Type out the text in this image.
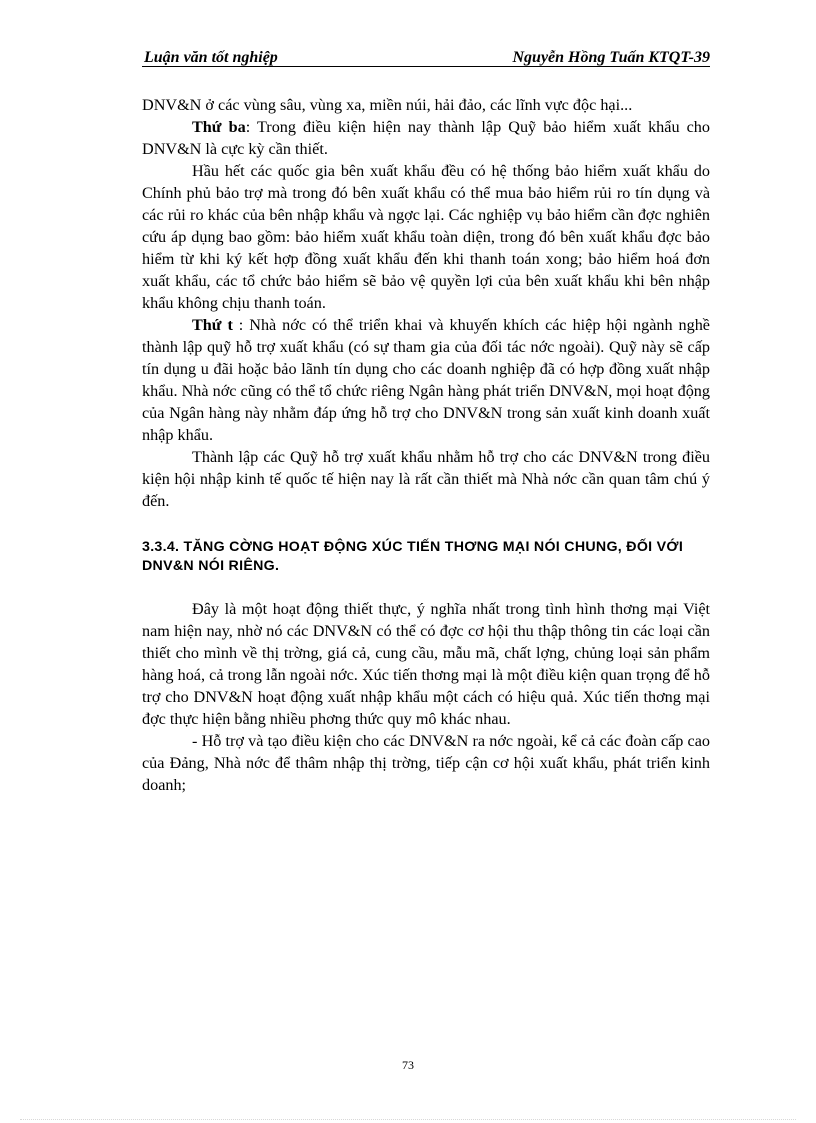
Luận văn tốt nghiệp	Nguyễn Hồng Tuấn KTQT-39

DNV&N ở các vùng sâu, vùng xa, miền núi, hải đảo, các lĩnh vực độc hại...

Thứ ba: Trong điều kiện hiện nay thành lập Quỹ bảo hiểm xuất khẩu cho DNV&N là cực kỳ cần thiết.

Hầu hết các quốc gia bên xuất khẩu đều có hệ thống bảo hiểm xuất khẩu do Chính phủ bảo trợ mà trong đó bên xuất khẩu có thể mua bảo hiểm rủi ro tín dụng và các rủi ro khác của bên nhập khẩu và ngợc lại. Các nghiệp vụ bảo hiểm cần đợc nghiên cứu áp dụng bao gồm: bảo hiểm xuất khẩu toàn diện, trong đó bên xuất khẩu đợc bảo hiểm từ khi ký kết hợp đồng xuất khẩu đến khi thanh toán xong; bảo hiểm hoá đơn xuất khẩu, các tổ chức bảo hiểm sẽ bảo vệ quyền lợi của bên xuất khẩu khi bên nhập khẩu không chịu thanh toán.

Thứ t : Nhà nớc có thể triển khai và khuyến khích các hiệp hội ngành nghề thành lập quỹ hỗ trợ xuất khẩu (có sự tham gia của đối tác nớc ngoài). Quỹ này sẽ cấp tín dụng u đãi hoặc bảo lãnh tín dụng cho các doanh nghiệp đã có hợp đồng xuất nhập khẩu. Nhà nớc cũng có thể tổ chức riêng Ngân hàng phát triển DNV&N, mọi hoạt động của Ngân hàng này nhằm đáp ứng hỗ trợ cho DNV&N trong sản xuất kinh doanh xuất nhập khẩu.

Thành lập các Quỹ hỗ trợ xuất khẩu nhằm hỗ trợ cho các DNV&N trong điều kiện hội nhập kinh tế quốc tế hiện nay là rất cần thiết mà Nhà nớc cần quan tâm chú ý đến.

3.3.4. TĂNG CỜNG HOẠT ĐỘNG XÚC TIẾN THƠNG MẠI NÓI CHUNG, ĐỐI VỚI DNV&N NÓI RIÊNG.

Đây là một hoạt động thiết thực, ý nghĩa nhất trong tình hình thơng mại Việt nam hiện nay, nhờ nó các DNV&N có thể có đợc cơ hội thu thập thông tin các loại cần thiết cho mình về thị trờng, giá cả, cung cầu, mẫu mã, chất lợng, chủng loại sản phẩm hàng hoá, cả trong lẫn ngoài nớc. Xúc tiến thơng mại là một điều kiện quan trọng để hỗ trợ cho DNV&N hoạt động xuất nhập khẩu một cách có hiệu quả. Xúc tiến thơng mại đợc thực hiện bằng nhiều phơng thức quy mô khác nhau.

- Hỗ trợ và tạo điều kiện cho các DNV&N ra nớc ngoài, kể cả các đoàn cấp cao của Đảng, Nhà nớc để thâm nhập thị trờng, tiếp cận cơ hội xuất khẩu, phát triển kinh doanh;

73
